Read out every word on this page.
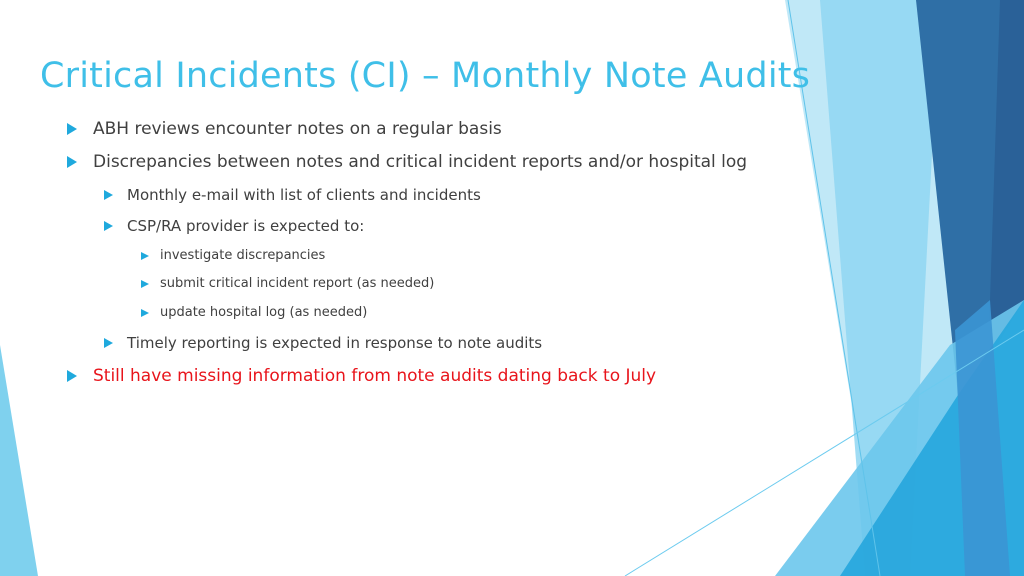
Critical Incidents (CI) – Monthly Note Audits
ABH reviews encounter notes on a regular basis
Discrepancies between notes and critical incident reports and/or hospital log
Monthly e-mail with list of clients and incidents
CSP/RA provider is expected to:
investigate discrepancies
submit critical incident report (as needed)
update hospital log (as needed)
Timely reporting is expected in response to note audits
Still have missing information from note audits dating back to July
